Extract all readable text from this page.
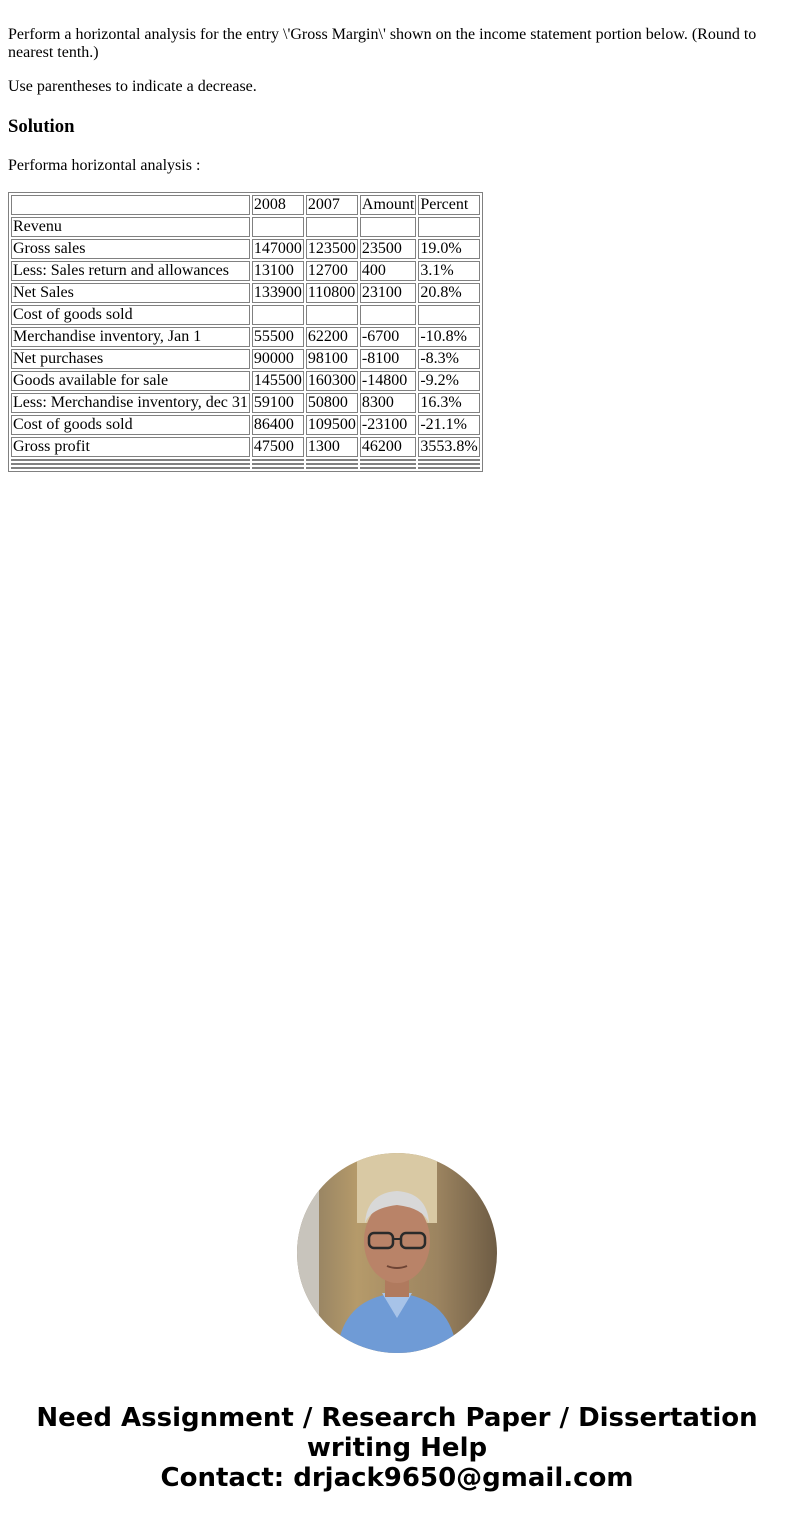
Perform a horizontal analysis for the entry \'Gross Margin\' shown on the income statement portion below. (Round to nearest tenth.)

Use parentheses to indicate a decrease.

Solution

Performa horizontal analysis :

	2008	2007	Amount	Percent
Revenu				
Gross sales	147000	123500	23500	19.0%
Less: Sales return and allowances	13100	12700	400	3.1%
Net Sales	133900	110800	23100	20.8%
Cost of goods sold				
Merchandise inventory, Jan 1	55500	62200	-6700	-10.8%
Net purchases	90000	98100	-8100	-8.3%
Goods available for sale	145500	160300	-14800	-9.2%
Less: Merchandise inventory, dec 31	59100	50800	8300	16.3%
Cost of goods sold	86400	109500	-23100	-21.1%
Gross profit	47500	1300	46200	3553.8%

Need Assignment / Research Paper / Dissertation
writing Help
Contact: drjack9650@gmail.com
